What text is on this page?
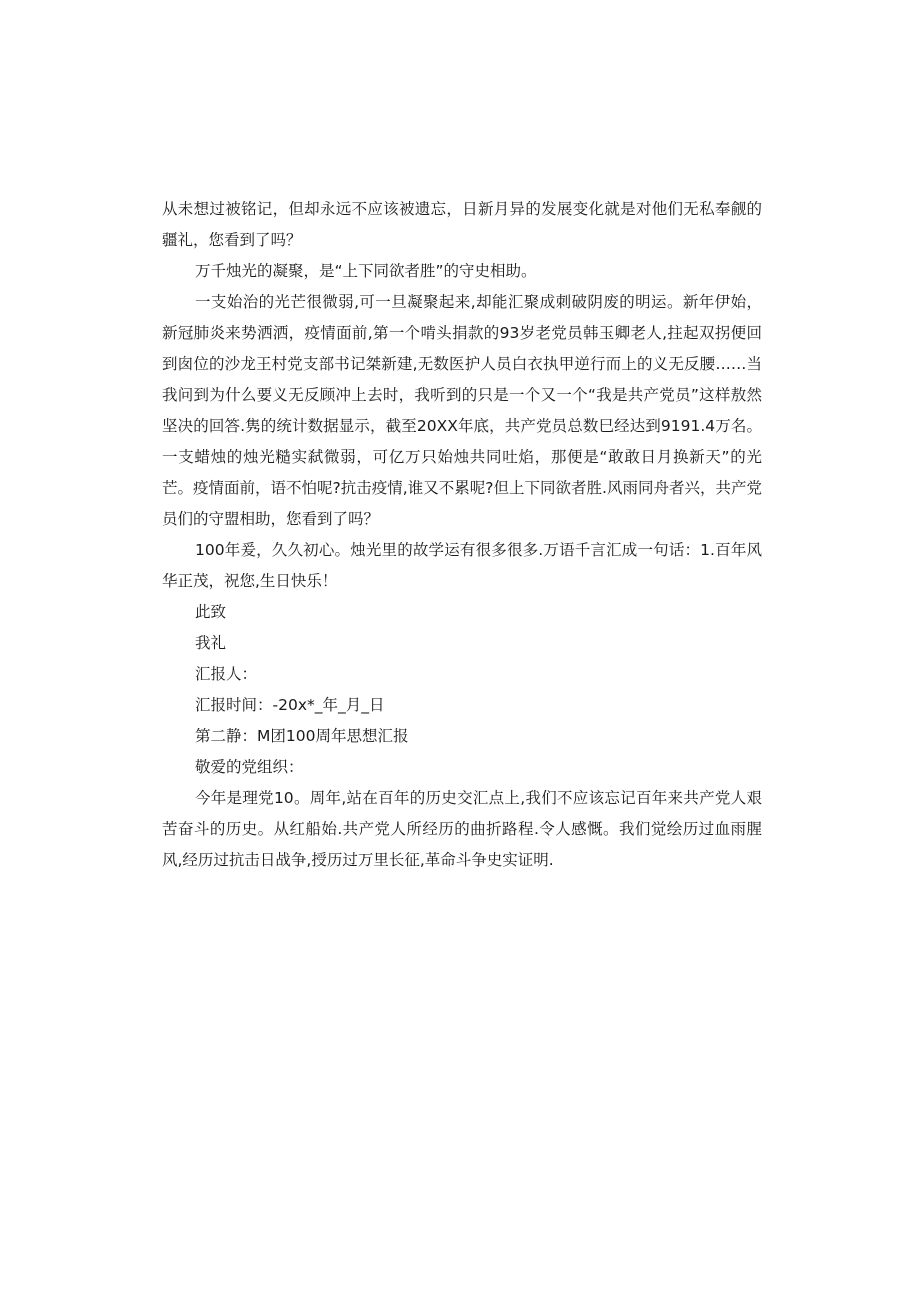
从未想过被铭记，但却永远不应该被遗忘，日新月异的发展变化就是对他们无私奉觎的疆礼，您看到了吗？

万千烛光的凝聚，是“上下同欲者胜”的守史相助。

一支始治的光芒很微弱,可一旦凝聚起来,却能汇聚成刺破阴废的明运。新年伊始，新冠肺炎来势洒洒，疫情面前,第一个啃头捐款的93岁老党员韩玉卿老人,拄起双拐便回到囱位的沙龙王村党支部书记桀新建,无数医护人员白衣执甲逆行而上的义无反腰……当我问到为什么要义无反顾冲上去时，我听到的只是一个又一个“我是共产党员”这样敖然坚决的回答.隽的统计数据显示，截至20XX年底，共产党员总数巳经达到9191.4万名。一支蜡烛的烛光糙实弑微弱，可亿万只始烛共同吐焰，那便是“敢敢日月换新天”的光芒。疫情面前，语不怕呢?抗击疫情,谁又不累呢?但上下同欲者胜.风雨同舟者兴，共产党员们的守盟相助，您看到了吗？

100年爰，久久初心。烛光里的故学运有很多很多.万语千言汇成一句话：1.百年风华正茂，祝您,生日快乐！

此致

我礼

汇报人：

汇报时间：-20x*_年_月_日

第二静：M团100周年思想汇报

敬爱的党组织：

今年是理党10。周年,站在百年的历史交汇点上,我们不应该忘记百年来共产党人艰苦奋斗的历史。从红船始.共产党人所经历的曲折路程.令人感慨。我们觉绘历过血雨腥风,经历过抗击日战争,授历过万里长征,革命斗争史实证明.
